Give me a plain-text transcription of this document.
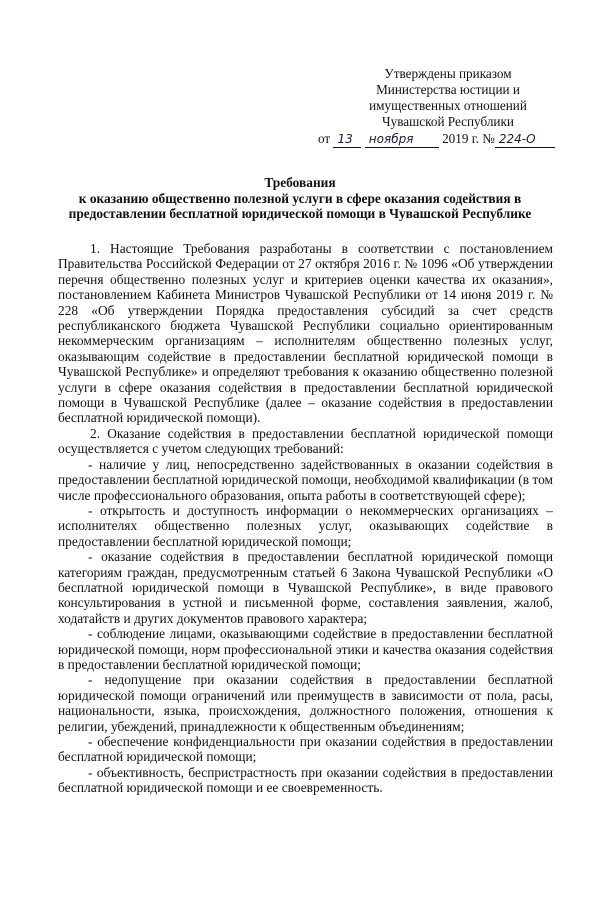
Утверждены приказом
Министерства юстиции и
имущественных отношений
Чувашской Республики
от 13 ноября 2019 г. № 224-О
Требования
к оказанию общественно полезной услуги в сфере оказания содействия в
предоставлении бесплатной юридической помощи в Чувашской Республике

1. Настоящие Требования разработаны в соответствии с постановлением Правительства Российской Федерации от 27 октября 2016 г. № 1096 «Об утверждении перечня общественно полезных услуг и критериев оценки качества их оказания», постановлением Кабинета Министров Чувашской Республики от 14 июня 2019 г. № 228 «Об утверждении Порядка предоставления субсидий за счет средств республиканского бюджета Чувашской Республики социально ориентированным некоммерческим организациям – исполнителям общественно полезных услуг, оказывающим содействие в предоставлении бесплатной юридической помощи в Чувашской Республике» и определяют требования к оказанию общественно полезной услуги в сфере оказания содействия в предоставлении бесплатной юридической помощи в Чувашской Республике (далее – оказание содействия в предоставлении бесплатной юридической помощи).

2. Оказание содействия в предоставлении бесплатной юридической помощи осуществляется с учетом следующих требований:

- наличие у лиц, непосредственно задействованных в оказании содействия в предоставлении бесплатной юридической помощи, необходимой квалификации (в том числе профессионального образования, опыта работы в соответствующей сфере);

- открытость и доступность информации о некоммерческих организациях – исполнителях общественно полезных услуг, оказывающих содействие в предоставлении бесплатной юридической помощи;

- оказание содействия в предоставлении бесплатной юридической помощи категориям граждан, предусмотренным статьей 6 Закона Чувашской Республики «О бесплатной юридической помощи в Чувашской Республике», в виде правового консультирования в устной и письменной форме, составления заявления, жалоб, ходатайств и других документов правового характера;

- соблюдение лицами, оказывающими содействие в предоставлении бесплатной юридической помощи, норм профессиональной этики и качества оказания содействия в предоставлении бесплатной юридической помощи;

- недопущение при оказании содействия в предоставлении бесплатной юридической помощи ограничений или преимуществ в зависимости от пола, расы, национальности, языка, происхождения, должностного положения, отношения к религии, убеждений, принадлежности к общественным объединениям;

- обеспечение конфиденциальности при оказании содействия в предоставлении бесплатной юридической помощи;

- объективность, беспристрастность при оказании содействия в предоставлении бесплатной юридической помощи и ее своевременность.
